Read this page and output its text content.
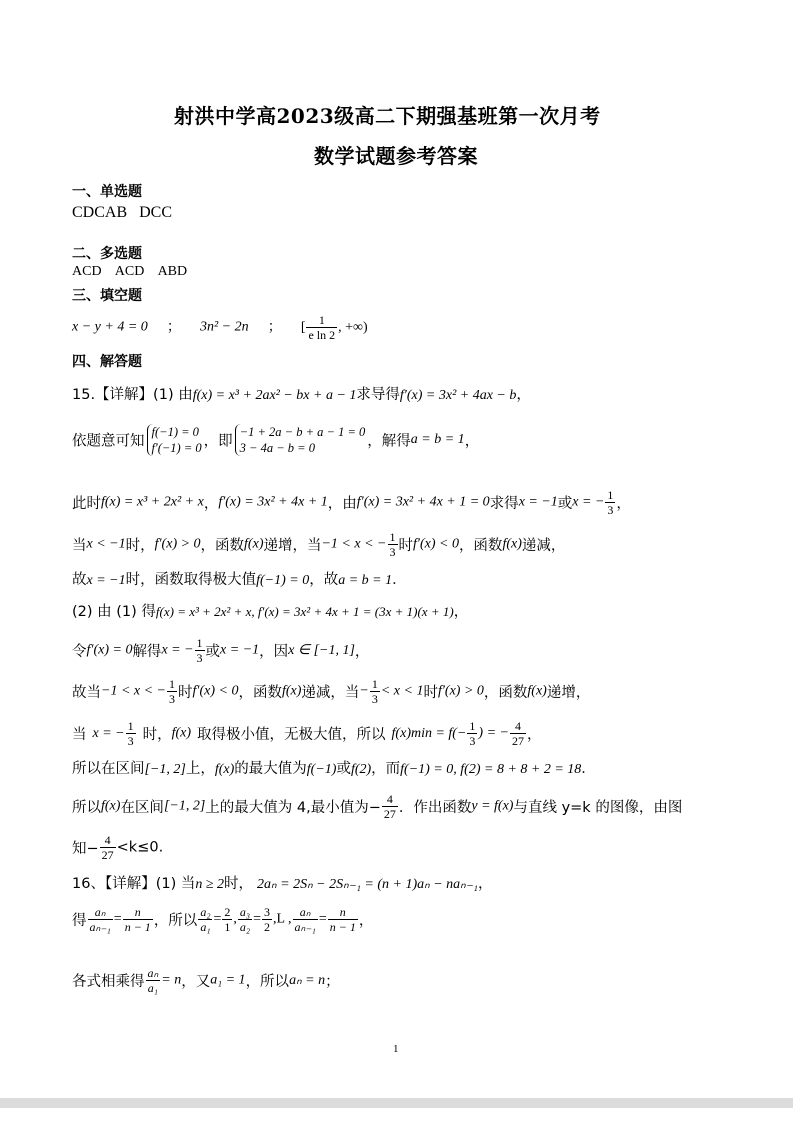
射洪中学高2023级高二下期强基班第一次月考
数学试题参考答案
一、单选题
CDCAB   DCC
二、多选题
ACD    ACD    ABD
三、填空题
x − y + 4 = 0 ； 3n² − 2n ； [ $\frac{1}{\text{e ln 2}}$ , +∞)
四、解答题
15.【详解】(1) 由f(x) = x³ + 2ax² − bx + a − 1求导得f′(x) = 3x² + 4ax − b，
依题意可知
f(−1) = 0
f′(−1) = 0 ，即
−1 + 2a − b + a − 1 = 0
3 − 4a − b = 0	，解得a = b = 1，
此时f(x) = x³ + 2x² + x，f′(x) = 3x² + 4x + 1，由f′(x) = 3x² + 4x + 1 = 0求得x = −1或x = − $\frac{1}{3}$ ，
当x < −1时，f′(x) > 0，函数f(x)递增，当−1 < x < − $\frac{1}{3}$ 时f′(x) < 0，函数f(x)递减，
故x = −1时，函数取得极大值f(−1) = 0，故a = b = 1．
(2) 由 (1) 得f(x) = x³ + 2x² + x, f′(x) = 3x² + 4x + 1 = (3x + 1)(x + 1)，
令f′(x) = 0解得x = − $\frac{1}{3}$ 或x = −1，因x ∈ [−1, 1]，
故当−1 < x < − $\frac{1}{3}$ 时f′(x) < 0，函数f(x)递减，当− $\frac{1}{3} < x < 1$时f′(x) > 0，函数f(x)递增，
当 x = − $\frac{1}{3}$ 时，f(x) 取得极小值，无极大值，所以 $f(x)\min = f(- \frac{1}{3}$ ) = − $\frac{4}{27}$ ，
所以在区间[−1, 2]上，f(x)的最大值为f(−1)或f(2)，而f(−1) = 0, f(2) = 8 + 8 + 2 = 18．
所以f(x)在区间[−1, 2]上的最大值为 4,最小值为− $\frac{4}{27}$ ．作出函数y = f(x)与直线 y=k 的图像，由图
知− $\frac{4}{27} <k\le 0$.
16、【详解】(1) 当n ≥ 2时， 2aₙ = 2Sₙ − 2Sₙ₋₁ = (n + 1)aₙ − naₙ₋₁，
得 $\frac{\text{aₙ}}{\text{aₙ₋₁}} = \frac{n}{n - 1}$ ，所以 $\frac{\text{a₂}}{\text{a₁}} = \frac{2}{1}$ , $\frac{\text{a₃}}{\text{a₂}} = \frac{3}{2} ,L$ , $\frac{\text{aₙ}}{\text{aₙ₋₁}} = \frac{n}{n - 1}$ ，
各式相乘得 $\frac{\text{aₙ}}{\text{a₁}} = n$，又a₁ = 1，所以aₙ = n；
1
